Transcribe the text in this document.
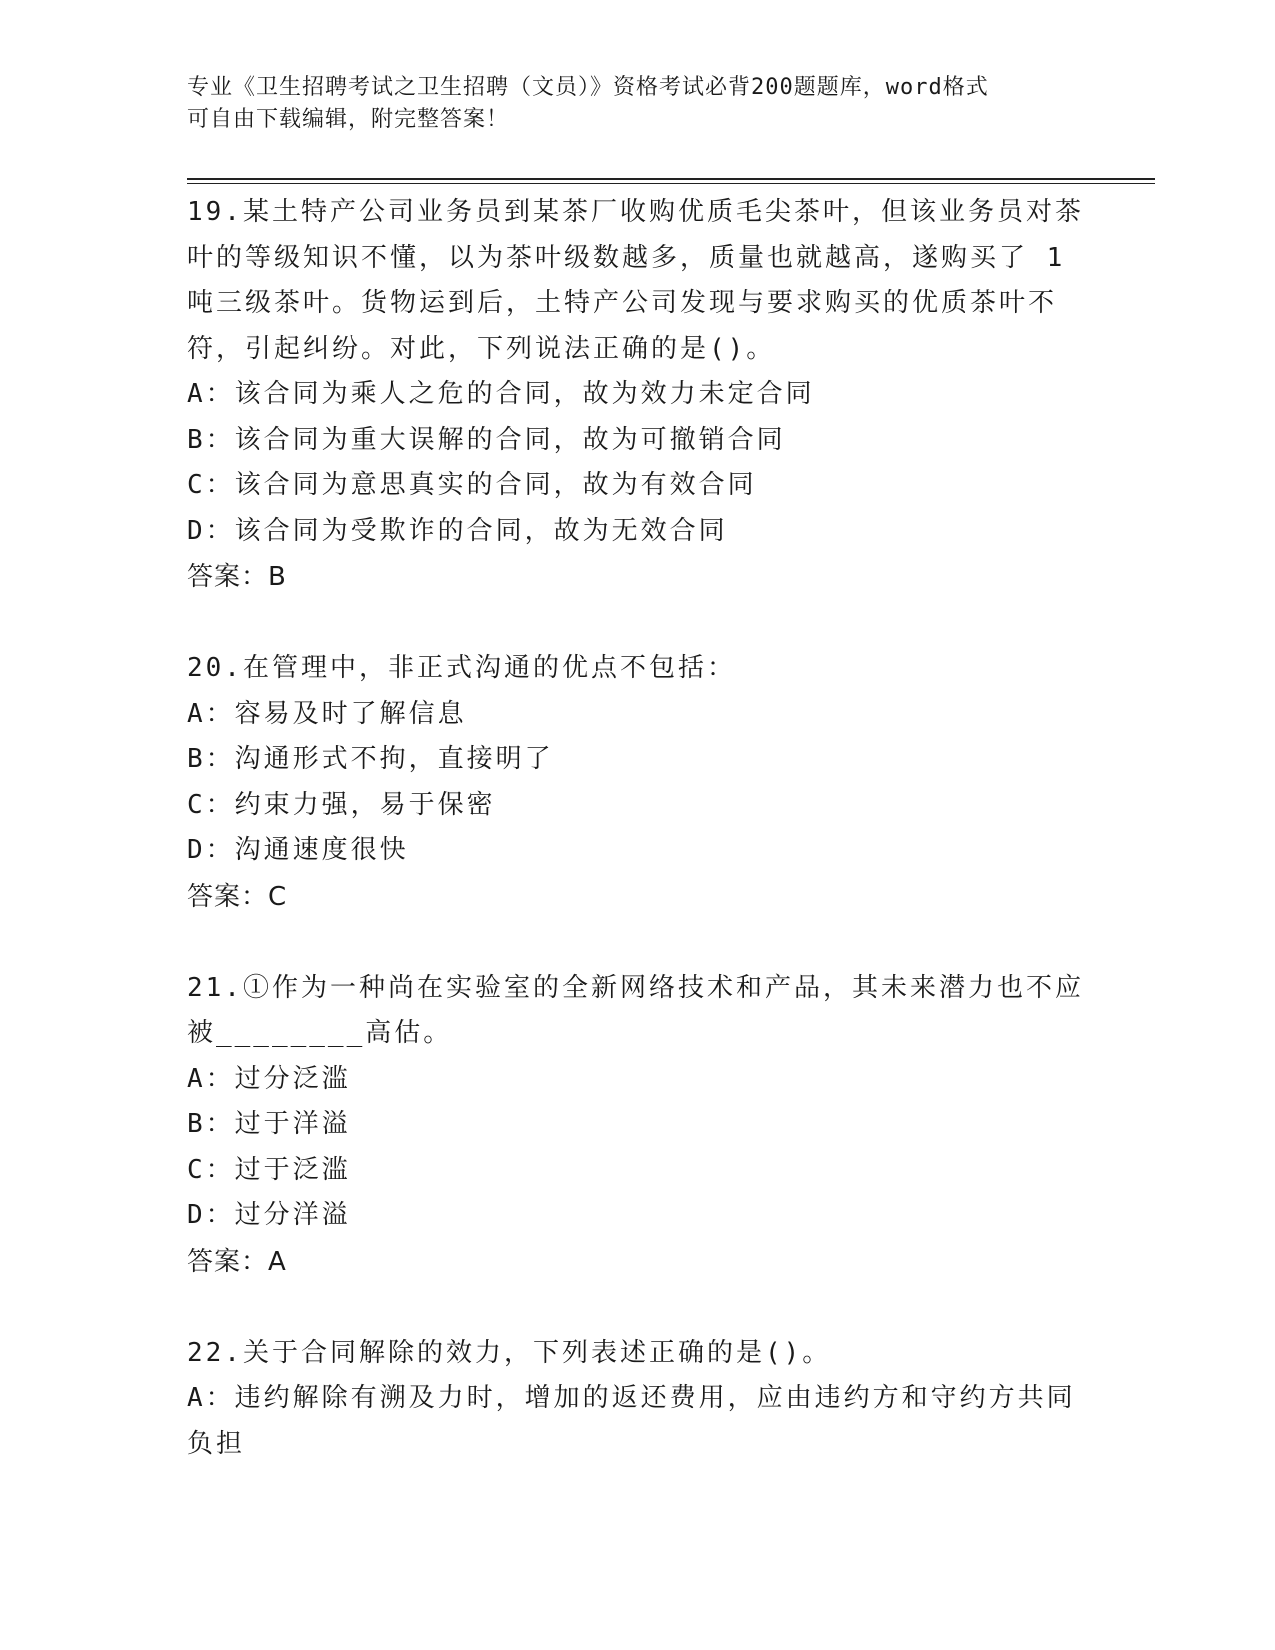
专业《卫生招聘考试之卫生招聘（文员）》资格考试必背200题题库，word格式
可自由下载编辑，附完整答案！
19.某土特产公司业务员到某茶厂收购优质毛尖茶叶，但该业务员对茶
叶的等级知识不懂，以为茶叶级数越多，质量也就越高，遂购买了 1
吨三级茶叶。货物运到后，土特产公司发现与要求购买的优质茶叶不
符，引起纠纷。对此，下列说法正确的是()。
A：该合同为乘人之危的合同，故为效力未定合同
B：该合同为重大误解的合同，故为可撤销合同
C：该合同为意思真实的合同，故为有效合同
D：该合同为受欺诈的合同，故为无效合同
答案：B
20.在管理中，非正式沟通的优点不包括：
A：容易及时了解信息
B：沟通形式不拘，直接明了
C：约束力强，易于保密
D：沟通速度很快
答案：C
21.①作为一种尚在实验室的全新网络技术和产品，其未来潜力也不应
被________高估。
A：过分泛滥
B：过于洋溢
C：过于泛滥
D：过分洋溢
答案：A
22.关于合同解除的效力，下列表述正确的是()。
A：违约解除有溯及力时，增加的返还费用，应由违约方和守约方共同
负担
